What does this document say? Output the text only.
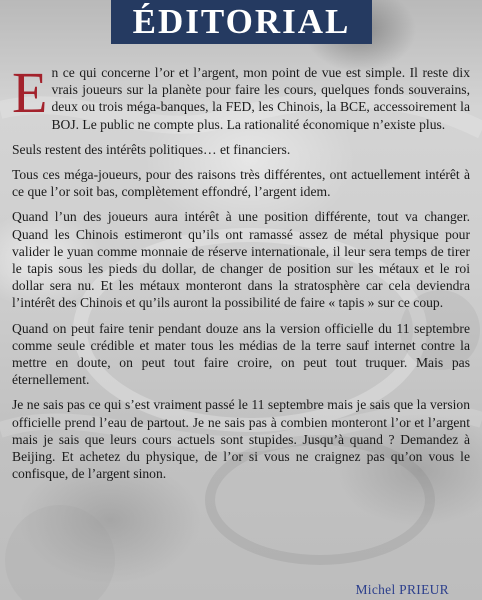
ÉDITORIAL

En ce qui concerne l’or et l’argent, mon point de vue est simple. Il reste dix vrais joueurs sur la planète pour faire les cours, quelques fonds souverains, deux ou trois méga-banques, la FED, les Chinois, la BCE, accessoirement la BOJ. Le public ne compte plus. La rationalité économique n’existe plus.

Seuls restent des intérêts politiques… et financiers.

Tous ces méga-joueurs, pour des raisons très différentes, ont actuellement intérêt à ce que l’or soit bas, complètement effondré, l’argent idem.

Quand l’un des joueurs aura intérêt à une position différente, tout va changer. Quand les Chinois estimeront qu’ils ont ramassé assez de métal physique pour valider le yuan comme monnaie de réserve internationale, il leur sera temps de tirer le tapis sous les pieds du dollar, de changer de position sur les métaux et le roi dollar sera nu. Et les métaux monteront dans la stratosphère car cela deviendra l’intérêt des Chinois et qu’ils auront la possibilité de faire « tapis » sur ce coup.

Quand on peut faire tenir pendant douze ans la version officielle du 11 septembre comme seule crédible et mater tous les médias de la terre sauf internet contre la mettre en doute, on peut tout faire croire, on peut tout truquer. Mais pas éternellement.

Je ne sais pas ce qui s’est vraiment passé le 11 septembre mais je sais que la version officielle prend l’eau de partout. Je ne sais pas à combien monteront l’or et l’argent mais je sais que leurs cours actuels sont stupides. Jusqu’à quand ? Demandez à Beijing. Et achetez du physique, de l’or si vous ne craignez pas qu’on vous le confisque, de l’argent sinon.

Michel PRIEUR
